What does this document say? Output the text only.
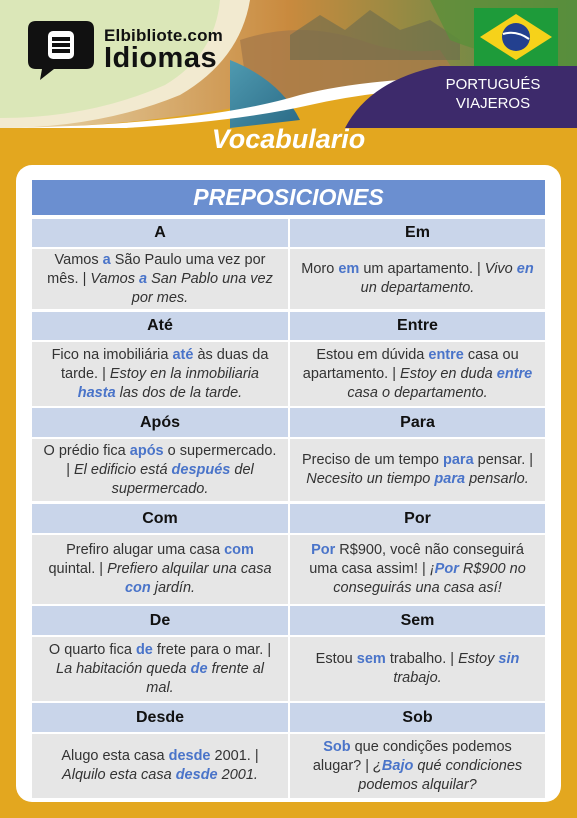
Elbibliote.com
Idiomas
PORTUGUÉS
VIAJEROS
Vocabulario
PREPOSICIONES
A

Vamos a São Paulo uma vez por mês. | Vamos a San Pablo una vez por mes.

Em

Moro em um apartamento. | Vivo en un departamento.

Até

Fico na imobiliária até às duas da tarde. | Estoy en la inmobiliaria hasta las dos de la tarde.

Entre

Estou em dúvida entre casa ou apartamento. | Estoy en duda entre casa o departamento.

Após

O prédio fica após o supermercado. | El edificio está después del supermercado.

Para

Preciso de um tempo para pensar. | Necesito un tiempo para pensarlo.

Com

Prefiro alugar uma casa com quintal. | Prefiero alquilar una casa con jardín.

Por

Por R$900, você não conseguirá uma casa assim! | ¡Por R$900 no conseguirás una casa así!

De

O quarto fica de frete para o mar. | La habitación queda de frente al mal.

Sem

Estou sem trabalho. | Estoy sin trabajo.

Desde

Alugo esta casa desde 2001. | Alquilo esta casa desde 2001.

Sob

Sob que condições podemos alugar? | ¿Bajo qué condiciones podemos alquilar?
